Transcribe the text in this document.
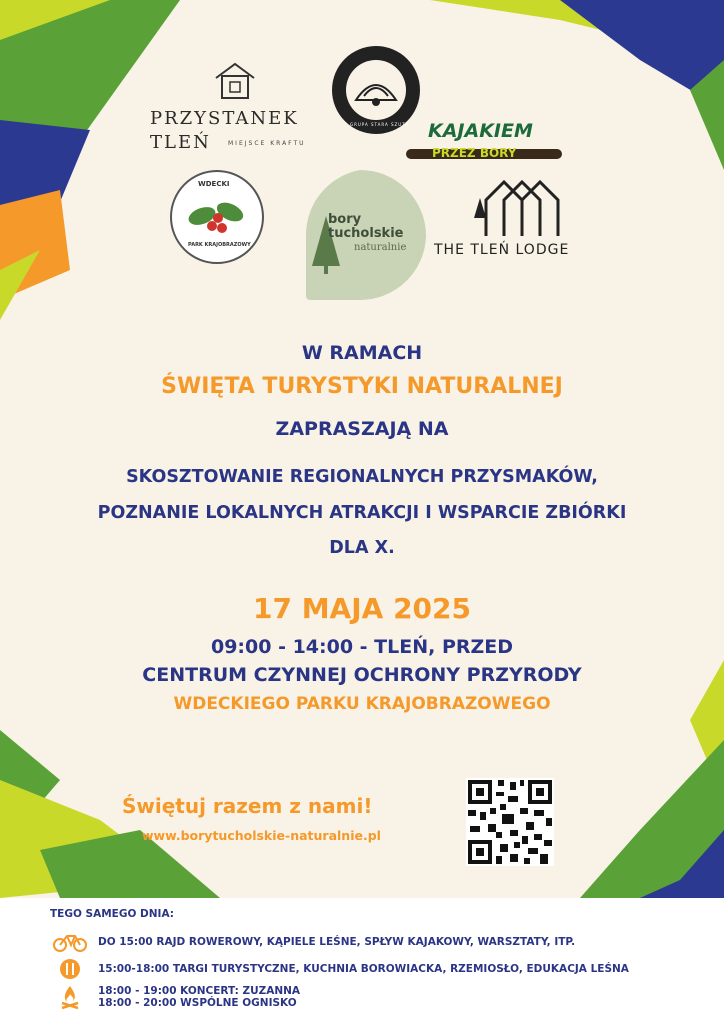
PRZYSTANEK
TLEŃ	MIEJSCE KRAFTU
GRUPA STARA SZUTA KAJAKIEM
PRZEZ BORY
WDECKI
PARK KRAJOBRAZOWY
bory
tucholskie
naturalnie THE TLEŃ LODGE
W RAMACH
ŚWIĘTA TURYSTYKI NATURALNEJ
ZAPRASZAJĄ NA
SKOSZTOWANIE REGIONALNYCH PRZYSMAKÓW,
POZNANIE LOKALNYCH ATRAKCJI I WSPARCIE ZBIÓRKI
DLA X.
17 MAJA 2025
09:00 - 14:00 - TLEŃ, PRZED
CENTRUM CZYNNEJ OCHRONY PRZYRODY
WDECKIEGO PARKU KRAJOBRAZOWEGO
Świętuj razem z nami!
www.borytucholskie-naturalnie.pl
TEGO SAMEGO DNIA:
DO 15:00 RAJD ROWEROWY, KĄPIELE LEŚNE, SPŁYW KAJAKOWY, WARSZTATY, ITP.
15:00-18:00 TARGI TURYSTYCZNE, KUCHNIA BOROWIACKA, RZEMIOSŁO, EDUKACJA LEŚNA
18:00 - 19:00 KONCERT: ZUZANNA
18:00 - 20:00 WSPÓLNE OGNISKO
